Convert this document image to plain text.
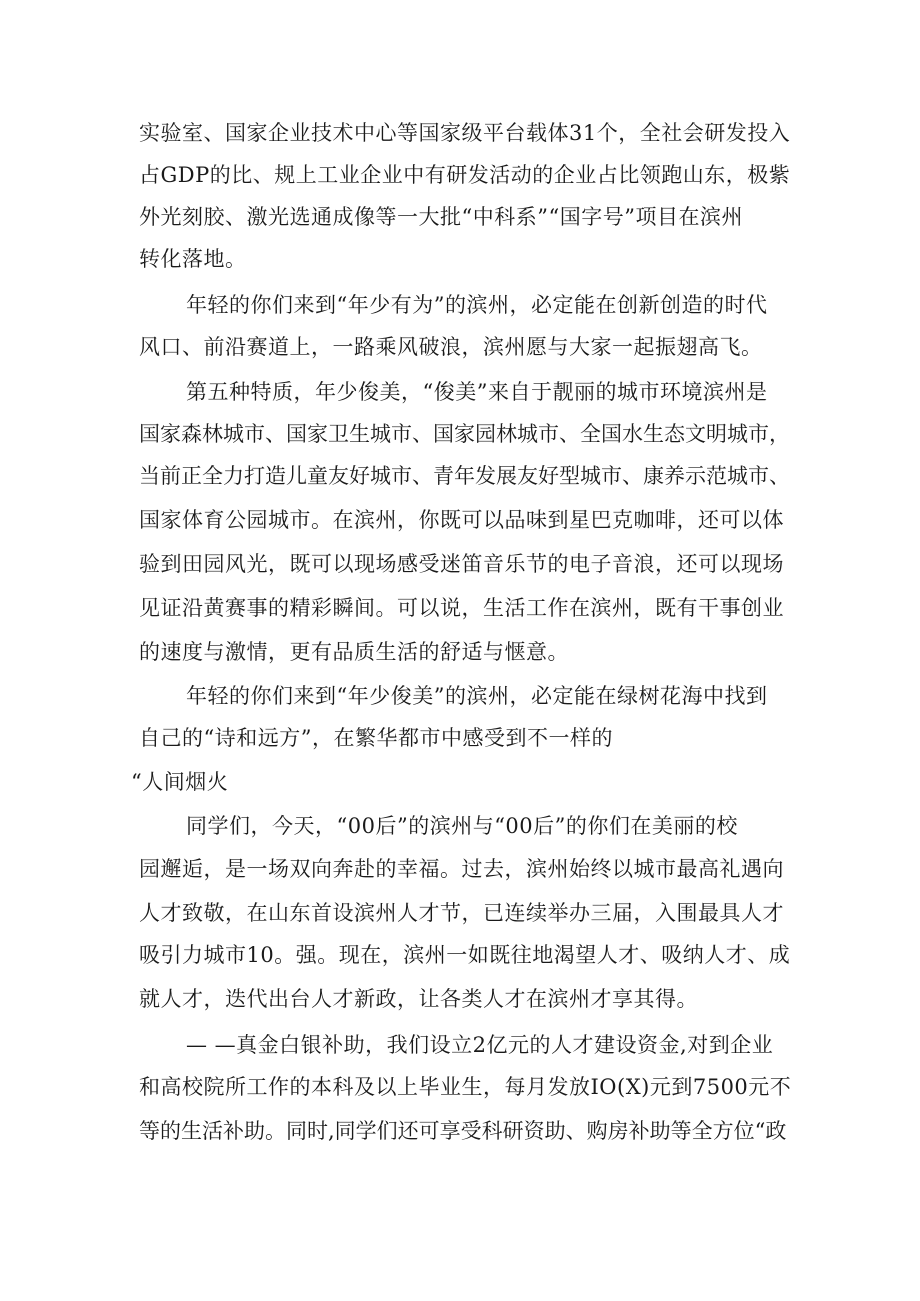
实验室、国家企业技术中心等国家级平台载体31个，全社会研发投入
占GDP的比、规上工业企业中有研发活动的企业占比领跑山东，极紫
外光刻胶、激光选通成像等一大批“中科系”“国字号”项目在滨州
转化落地。
年轻的你们来到“年少有为”的滨州，必定能在创新创造的时代
风口、前沿赛道上，一路乘风破浪，滨州愿与大家一起振翅高飞。
第五种特质，年少俊美，“俊美”来自于靓丽的城市环境滨州是
国家森林城市、国家卫生城市、国家园林城市、全国水生态文明城市，
当前正全力打造儿童友好城市、青年发展友好型城市、康养示范城市、
国家体育公园城市。在滨州，你既可以品味到星巴克咖啡，还可以体
验到田园风光，既可以现场感受迷笛音乐节的电子音浪，还可以现场
见证沿黄赛事的精彩瞬间。可以说，生活工作在滨州，既有干事创业
的速度与激情，更有品质生活的舒适与惬意。
年轻的你们来到“年少俊美”的滨州，必定能在绿树花海中找到
自己的“诗和远方”，在繁华都市中感受到不一样的
“人间烟火
同学们，今天，“00后”的滨州与“00后”的你们在美丽的校
园邂逅，是一场双向奔赴的幸福。过去，滨州始终以城市最高礼遇向
人才致敬，在山东首设滨州人才节，已连续举办三届，入围最具人才
吸引力城市10。强。现在，滨州一如既往地渴望人才、吸纳人才、成
就人才，迭代出台人才新政，让各类人才在滨州才享其得。
— —真金白银补助，我们设立2亿元的人才建设资金,对到企业
和高校院所工作的本科及以上毕业生，每月发放IO(X)元到7500元不
等的生活补助。同时,同学们还可享受科研资助、购房补助等全方位“政
